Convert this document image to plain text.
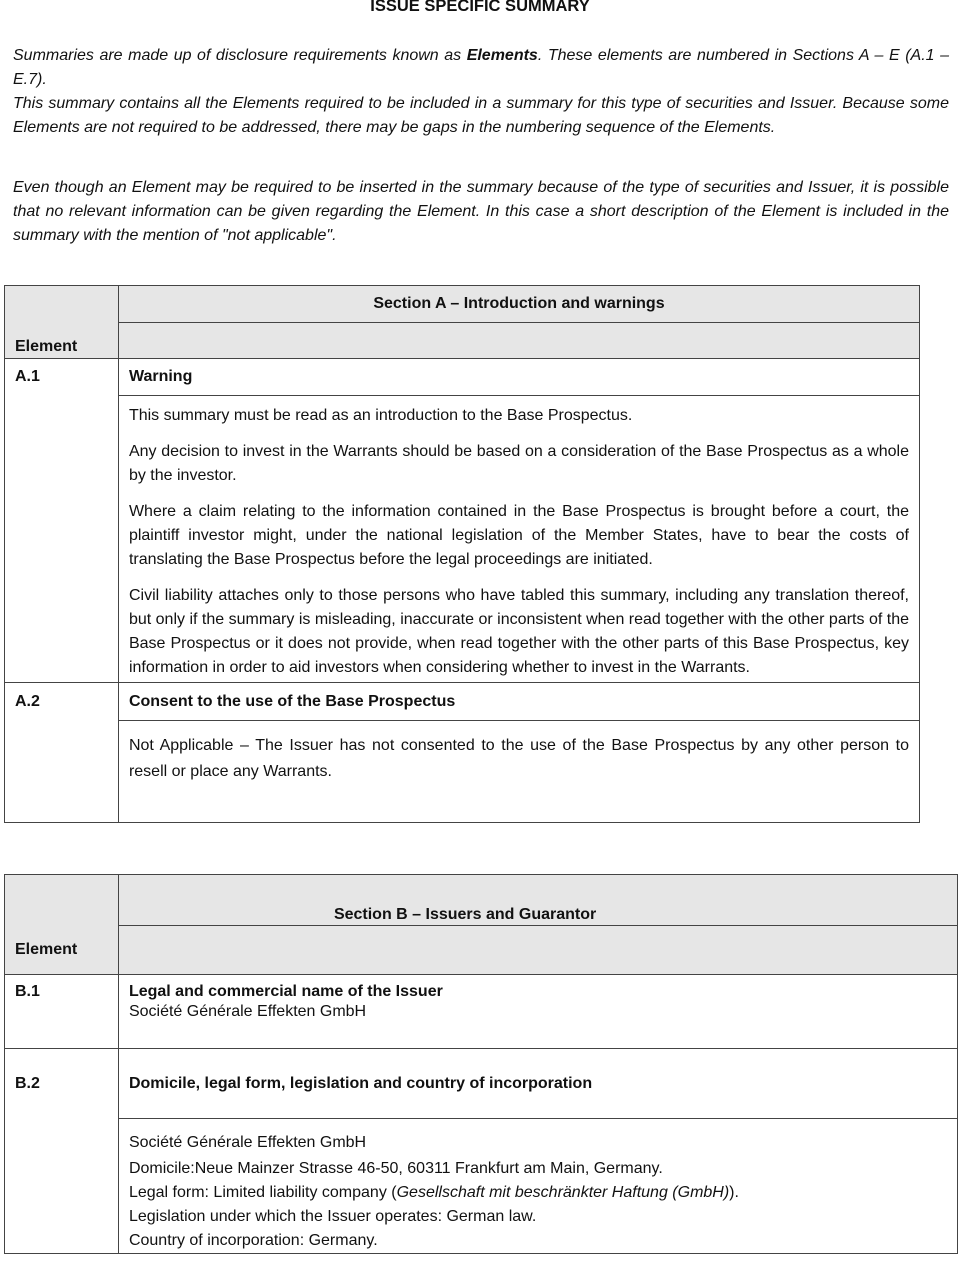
ISSUE SPECIFIC SUMMARY

Summaries are made up of disclosure requirements known as Elements. These elements are numbered in Sections A – E (A.1 – E.7).

This summary contains all the Elements required to be included in a summary for this type of securities and Issuer. Because some Elements are not required to be addressed, there may be gaps in the numbering sequence of the Elements.

Even though an Element may be required to be inserted in the summary because of the type of securities and Issuer, it is possible that no relevant information can be given regarding the Element. In this case a short description of the Element is included in the summary with the mention of "not applicable".

	Section A – Introduction and warnings
Element	
A.1	Warning

	This summary must be read as an introduction to the Base Prospectus.

Any decision to invest in the Warrants should be based on a consideration of the Base Prospectus as a whole by the investor.

Where a claim relating to the information contained in the Base Prospectus is brought before a court, the plaintiff investor might, under the national legislation of the Member States, have to bear the costs of translating the Base Prospectus before the legal proceedings are initiated.

Civil liability attaches only to those persons who have tabled this summary, including any translation thereof, but only if the summary is misleading, inaccurate or inconsistent when read together with the other parts of the Base Prospectus or it does not provide, when read together with the other parts of this Base Prospectus, key information in order to aid investors when considering whether to invest in the Warrants.

A.2	Consent to the use of the Base Prospectus

	Not Applicable – The Issuer has not consented to the use of the Base Prospectus by any other person to resell or place any Warrants.

	Section B – Issuers and Guarantor
Element	
B.1	Legal and commercial name of the Issuer
	Société Générale Effekten GmbH
B.2	Domicile, legal form, legislation and country of incorporation

	Société Générale Effekten GmbH
Domicile:Neue Mainzer Strasse 46-50, 60311 Frankfurt am Main, Germany.
Legal form: Limited liability company (Gesellschaft mit beschränkter Haftung (GmbH)).
Legislation under which the Issuer operates: German law.
Country of incorporation: Germany.
